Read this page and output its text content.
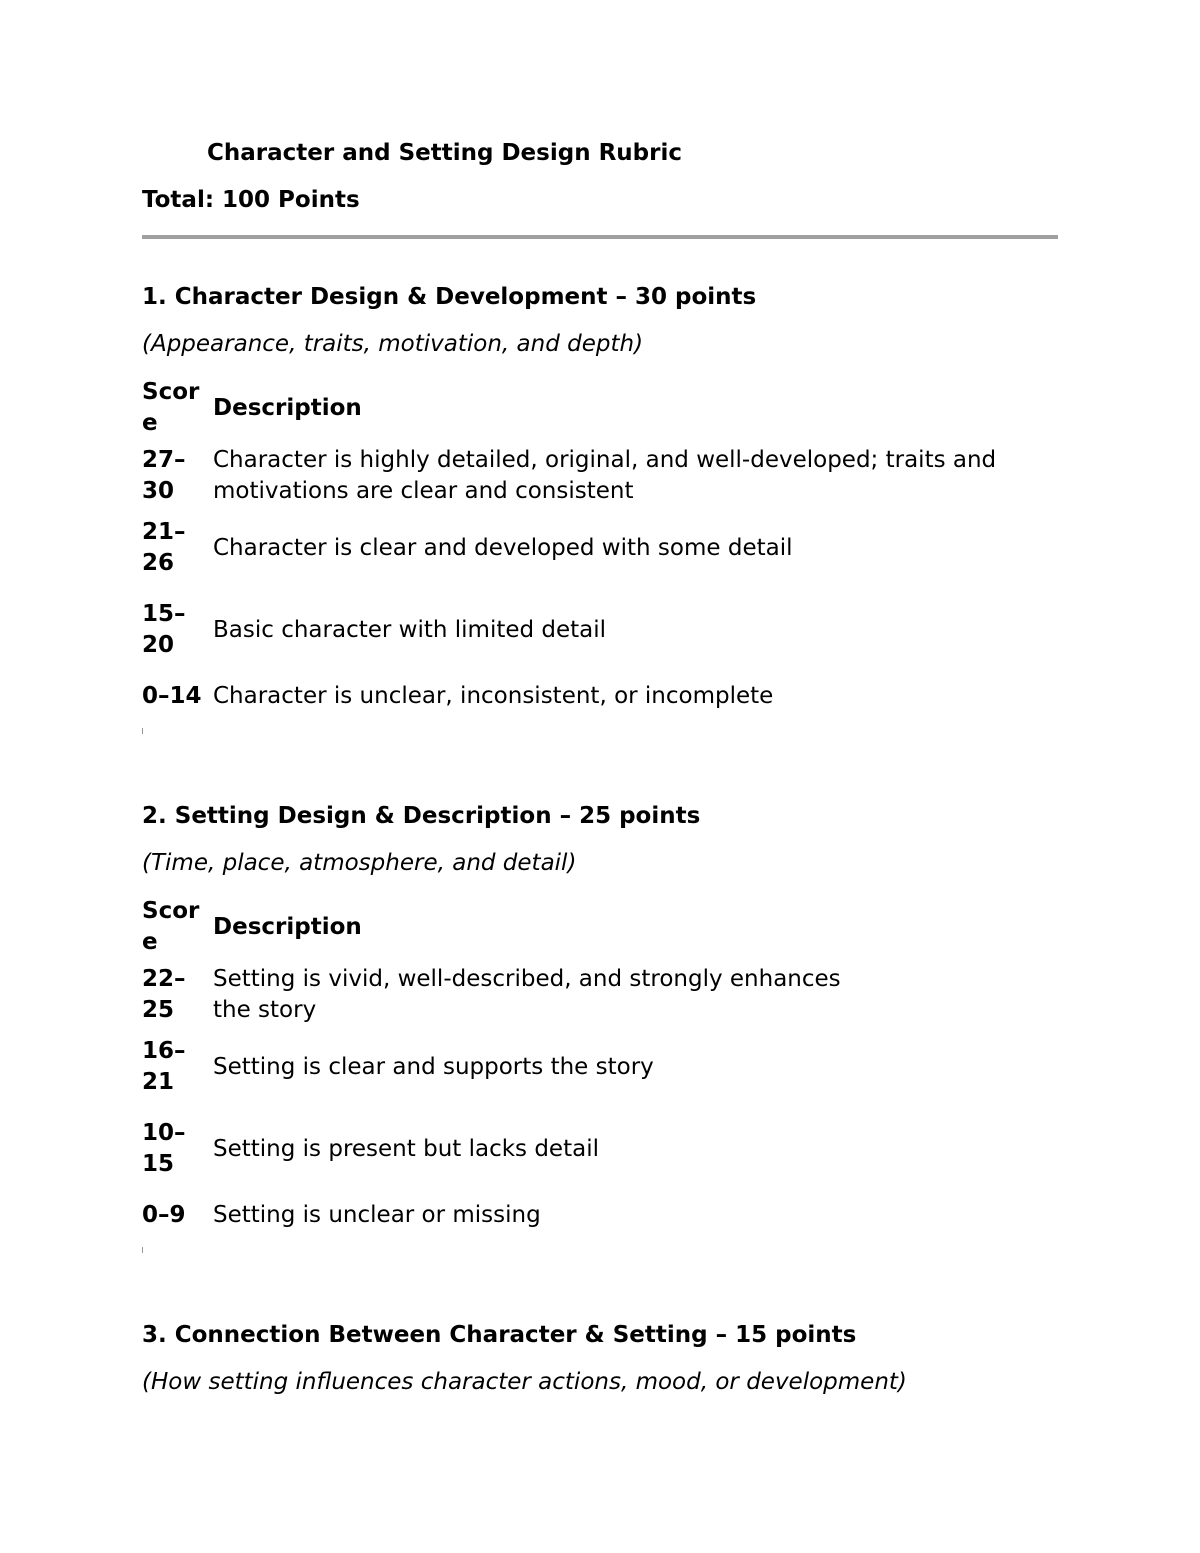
Character and Setting Design Rubric
Total: 100 Points
1. Character Design & Development – 30 points
(Appearance, traits, motivation, and depth)
Scor
e	Description
27–
30	Character is highly detailed, original, and well-developed; traits and
motivations are clear and consistent
21–
26	Character is clear and developed with some detail
15–
20	Basic character with limited detail
0–14	Character is unclear, inconsistent, or incomplete
2. Setting Design & Description – 25 points
(Time, place, atmosphere, and detail)
Scor
e	Description
22–
25	Setting is vivid, well-described, and strongly enhances
the story
16–
21	Setting is clear and supports the story
10–
15	Setting is present but lacks detail
0–9	Setting is unclear or missing
3. Connection Between Character & Setting – 15 points
(How setting influences character actions, mood, or development)
